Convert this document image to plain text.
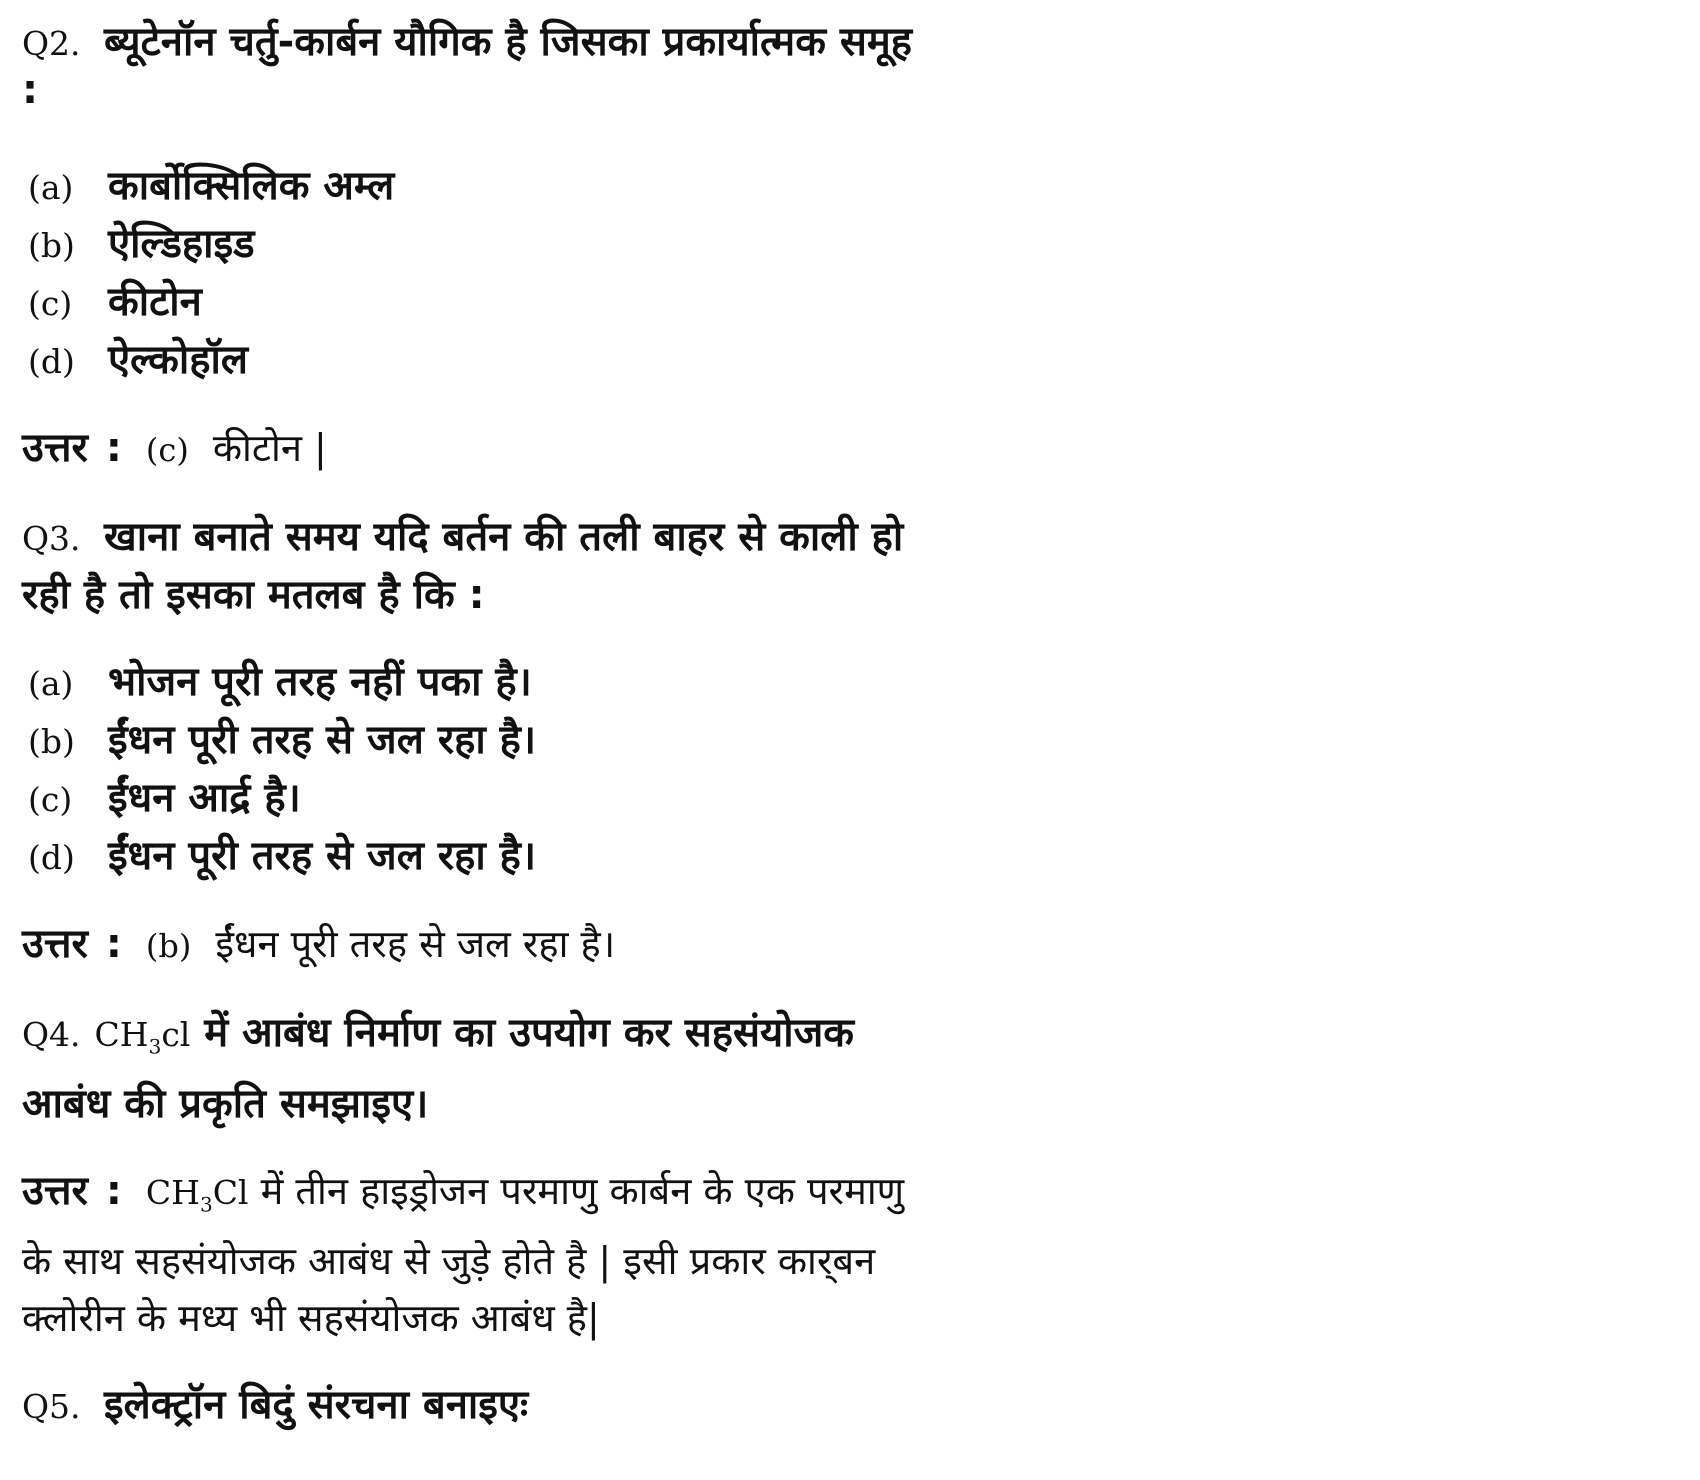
Q2. ब्यूटेनॉन चर्तु-कार्बन यौगिक है जिसका प्रकार्यात्मक समूह
:
(a) कार्बोक्सिलिक अम्ल
(b) ऐल्डिहाइड
(c) कीटोन
(d) ऐल्कोहॉल
उत्तर : (c) कीटोन |
Q3. खाना बनाते समय यदि बर्तन की तली बाहर से काली हो
रही है तो इसका मतलब है कि :
(a) भोजन पूरी तरह नहीं पका है।
(b) ईंधन पूरी तरह से जल रहा है।
(c) ईंधन आर्द्र है।
(d) ईंधन पूरी तरह से जल रहा है।
उत्तर : (b) ईंधन पूरी तरह से जल रहा है।
Q4. $CH_3cl$ में आबंध निर्माण का उपयोग कर सहसंयोजक
आबंध की प्रकृति समझाइए।
उत्तर : $CH_3Cl$ में तीन हाइड्रोजन परमाणु कार्बन के एक परमाणु
के साथ सहसंयोजक आबंध से जुड़े होते है | इसी प्रकार कार्‌बन
क्लोरीन के मध्य भी सहसंयोजक आबंध है|
Q5. इलेक्ट्रॉन बिदुं संरचना बनाइएः
